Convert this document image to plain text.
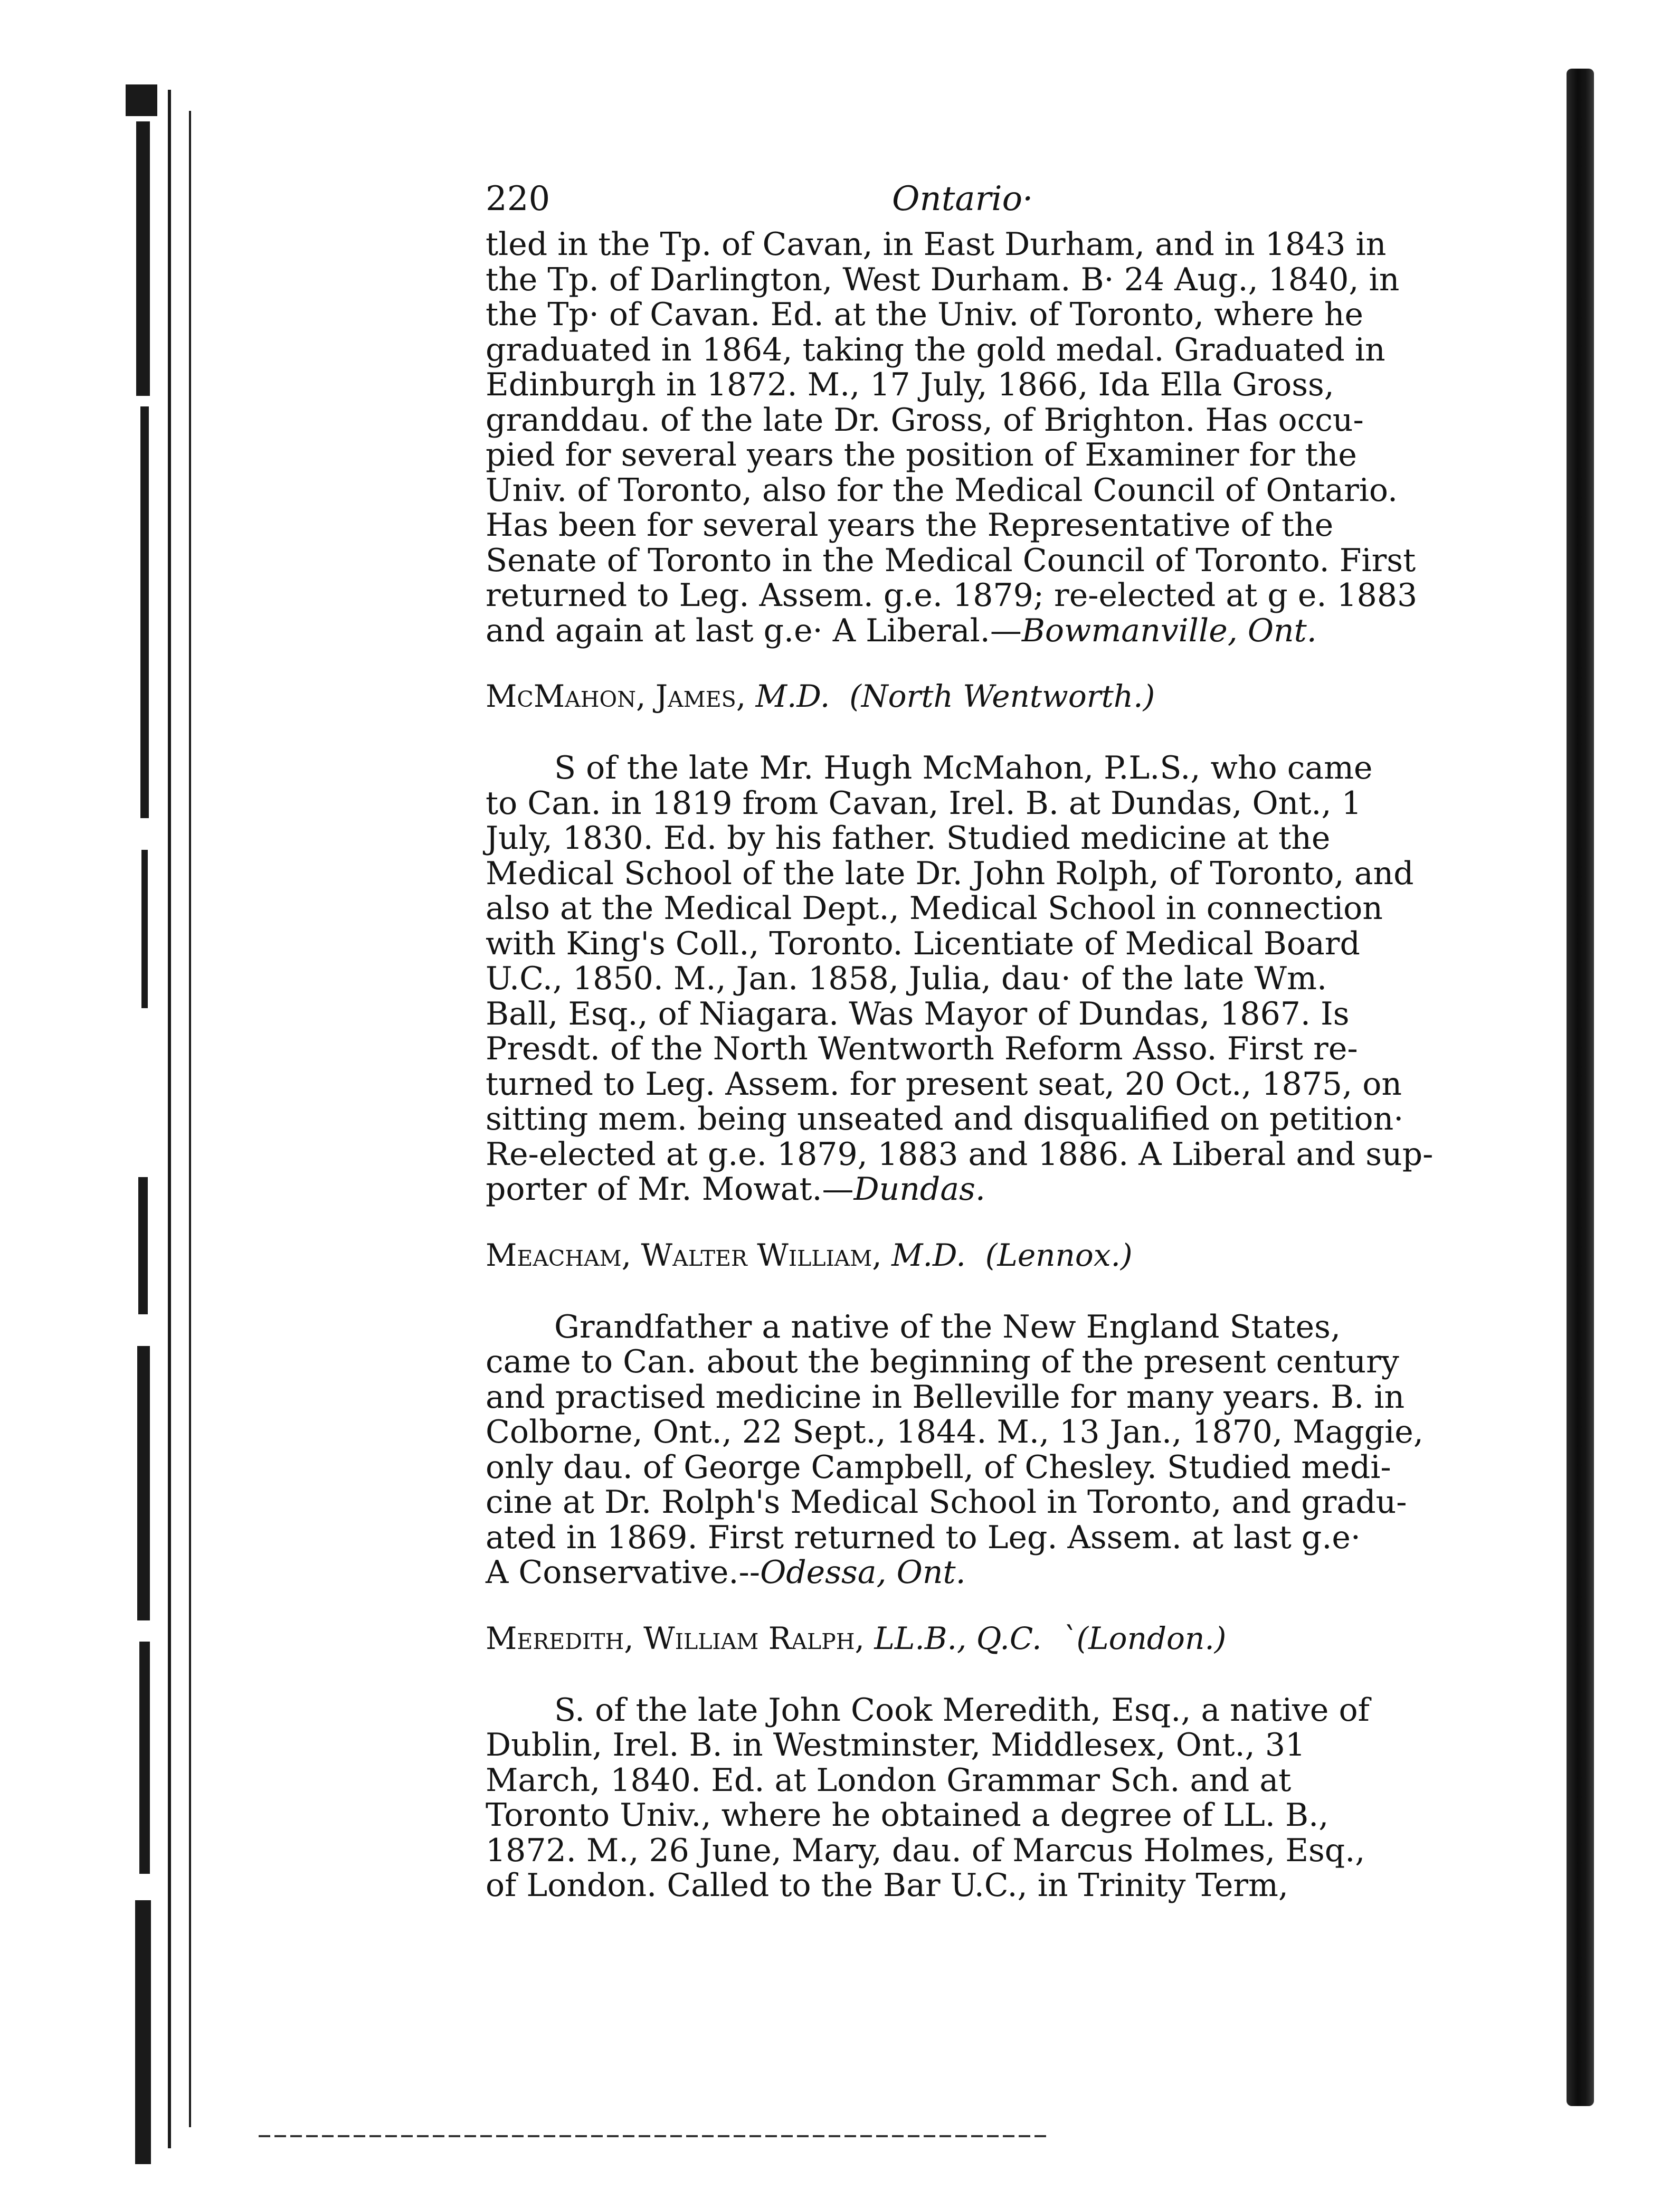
220	Ontario·

tled in the Tp. of Cavan, in East Durham, and in 1843 in
the Tp. of Darlington, West Durham. B· 24 Aug., 1840, in
the Tp· of Cavan. Ed. at the Univ. of Toronto, where he
graduated in 1864, taking the gold medal. Graduated in
Edinburgh in 1872. M., 17 July, 1866, Ida Ella Gross,
granddau. of the late Dr. Gross, of Brighton. Has occu-
pied for several years the position of Examiner for the
Univ. of Toronto, also for the Medical Council of Ontario.
Has been for several years the Representative of the
Senate of Toronto in the Medical Council of Toronto. First
returned to Leg. Assem. g.e. 1879; re-elected at g e. 1883
and again at last g.e· A Liberal.—Bowmanville, Ont.

McMahon, James, M.D. (North Wentworth.)

S of the late Mr. Hugh McMahon, P.L.S., who came
to Can. in 1819 from Cavan, Irel. B. at Dundas, Ont., 1
July, 1830. Ed. by his father. Studied medicine at the
Medical School of the late Dr. John Rolph, of Toronto, and
also at the Medical Dept., Medical School in connection
with King's Coll., Toronto. Licentiate of Medical Board
U.C., 1850. M., Jan. 1858, Julia, dau· of the late Wm.
Ball, Esq., of Niagara. Was Mayor of Dundas, 1867. Is
Presdt. of the North Wentworth Reform Asso. First re-
turned to Leg. Assem. for present seat, 20 Oct., 1875, on
sitting mem. being unseated and disqualified on petition·
Re-elected at g.e. 1879, 1883 and 1886. A Liberal and sup-
porter of Mr. Mowat.—Dundas.

Meacham, Walter William, M.D. (Lennox.)

Grandfather a native of the New England States,
came to Can. about the beginning of the present century
and practised medicine in Belleville for many years. B. in
Colborne, Ont., 22 Sept., 1844. M., 13 Jan., 1870, Maggie,
only dau. of George Campbell, of Chesley. Studied medi-
cine at Dr. Rolph's Medical School in Toronto, and gradu-
ated in 1869. First returned to Leg. Assem. at last g.e·
A Conservative.--Odessa, Ont.

Meredith, William Ralph, LL.B., Q.C. `(London.)

S. of the late John Cook Meredith, Esq., a native of
Dublin, Irel. B. in Westminster, Middlesex, Ont., 31
March, 1840. Ed. at London Grammar Sch. and at
Toronto Univ., where he obtained a degree of LL. B.,
1872. M., 26 June, Mary, dau. of Marcus Holmes, Esq.,
of London. Called to the Bar U.C., in Trinity Term,
